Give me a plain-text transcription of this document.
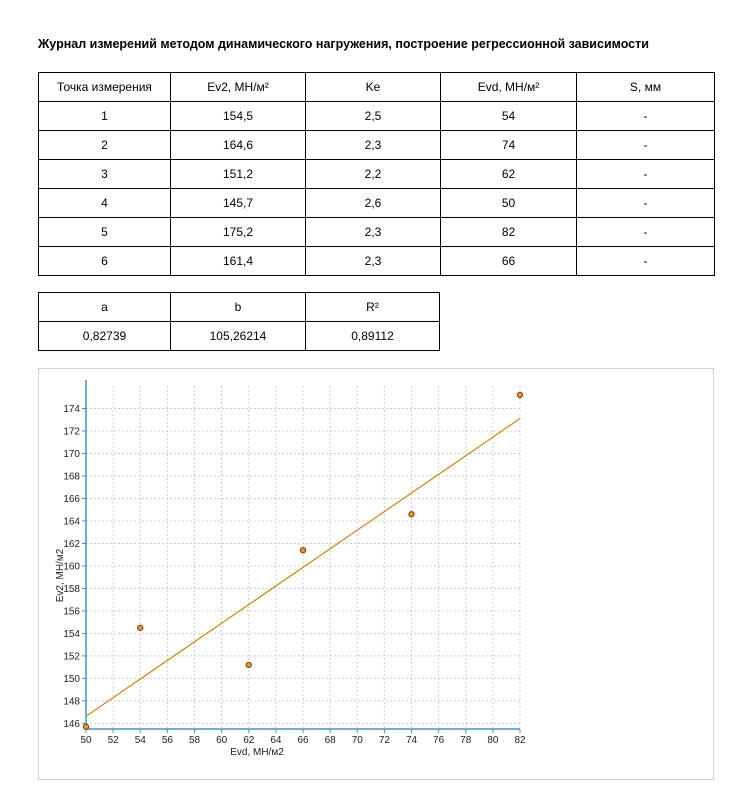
Журнал измерений методом динамического нагружения, построение регрессионной зависимости
Точка измерения	Ev2, МН/м²	Ke	Evd, МН/м²	S, мм
1	154,5	2,5	54	-
2	164,6	2,3	74	-
3	151,2	2,2	62	-
4	145,7	2,6	50	-
5	175,2	2,3	82	-
6	161,4	2,3	66	-
a	b	R²
0,82739	105,26214	0,89112
50 52 54 56 58 60 62 64 66 68 70 72 74 76 78 80 82
146
148
150
152
154
156
158
160
162
164
166
168
170
172
174
Evd, МН/м2
Ev2, МН/м2
